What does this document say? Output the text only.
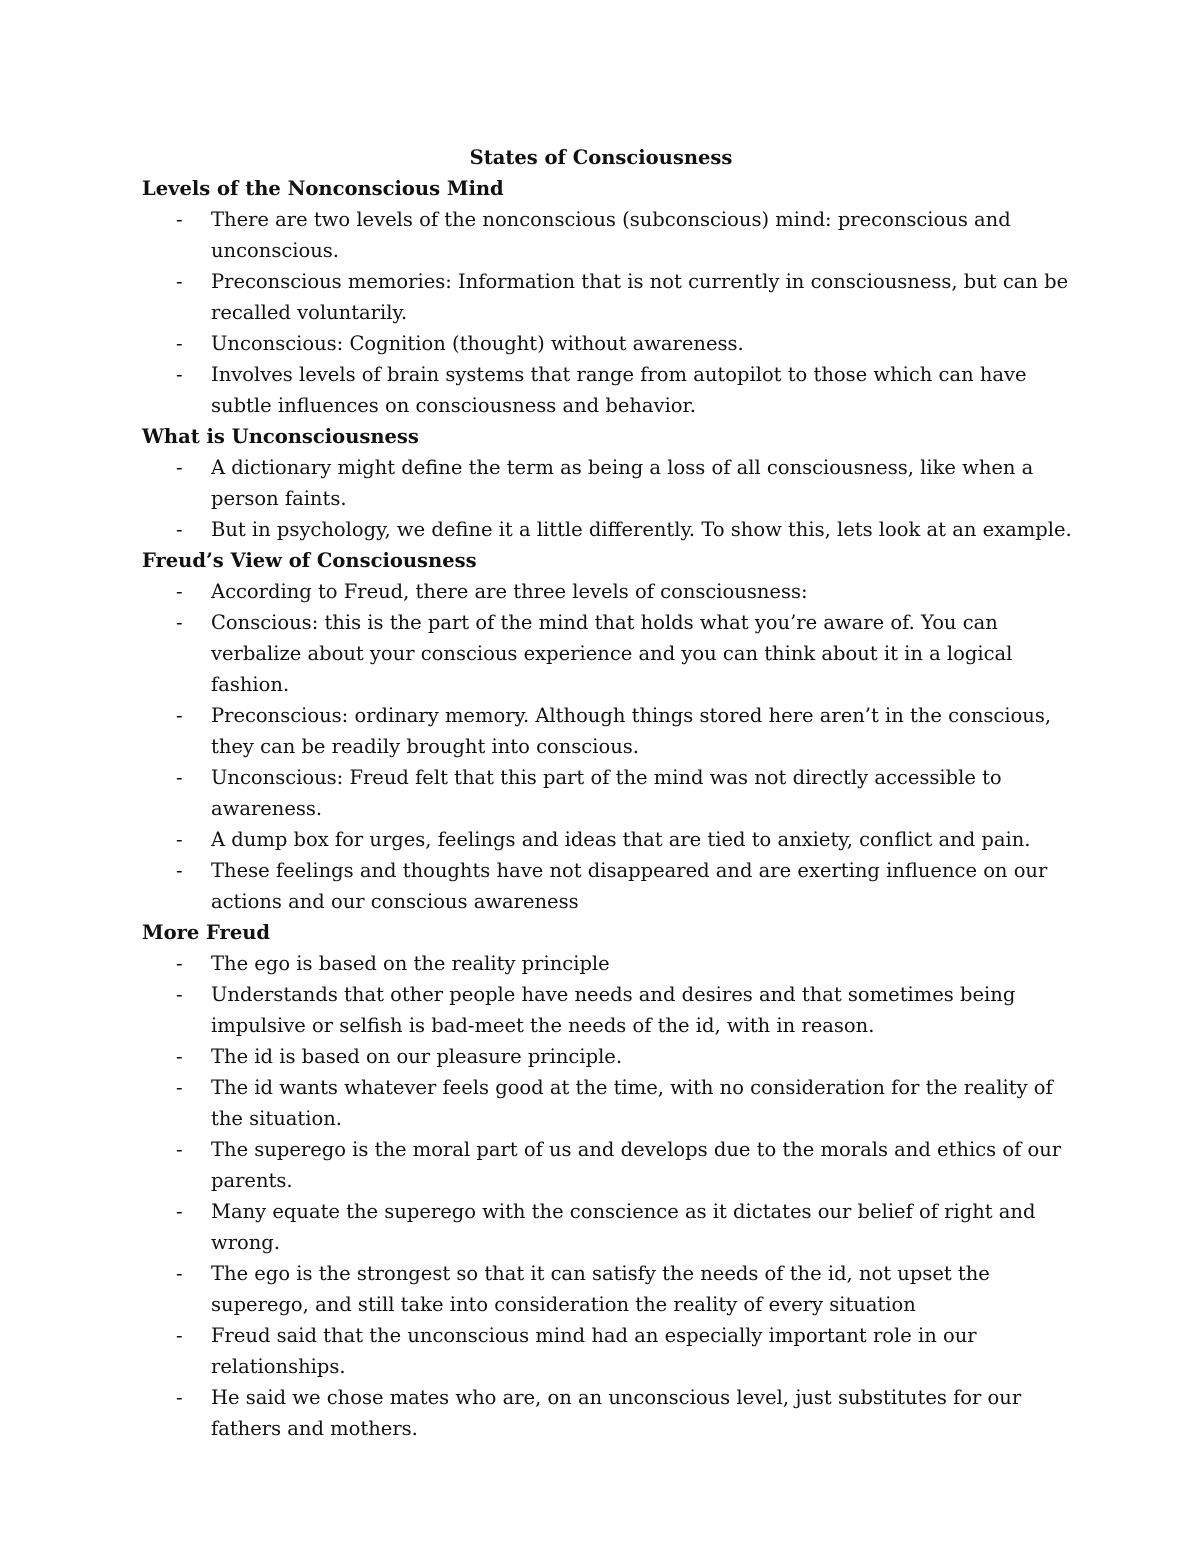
States of Consciousness
Levels of the Nonconscious Mind
- There are two levels of the nonconscious (subconscious) mind: preconscious and unconscious.
- Preconscious memories: Information that is not currently in consciousness, but can be recalled voluntarily.
- Unconscious: Cognition (thought) without awareness.
- Involves levels of brain systems that range from autopilot to those which can have subtle influences on consciousness and behavior.
What is Unconsciousness
- A dictionary might define the term as being a loss of all consciousness, like when a person faints.
- But in psychology, we define it a little differently. To show this, lets look at an example.
Freud’s View of Consciousness
- According to Freud, there are three levels of consciousness:
- Conscious: this is the part of the mind that holds what you’re aware of. You can verbalize about your conscious experience and you can think about it in a logical fashion.
- Preconscious: ordinary memory. Although things stored here aren’t in the conscious, they can be readily brought into conscious.
- Unconscious: Freud felt that this part of the mind was not directly accessible to awareness.
- A dump box for urges, feelings and ideas that are tied to anxiety, conflict and pain.
- These feelings and thoughts have not disappeared and are exerting influence on our actions and our conscious awareness
More Freud
- The ego is based on the reality principle
- Understands that other people have needs and desires and that sometimes being impulsive or selfish is bad-meet the needs of the id, with in reason.
- The id is based on our pleasure principle.
- The id wants whatever feels good at the time, with no consideration for the reality of the situation.
- The superego is the moral part of us and develops due to the morals and ethics of our parents.
- Many equate the superego with the conscience as it dictates our belief of right and wrong.
- The ego is the strongest so that it can satisfy the needs of the id, not upset the superego, and still take into consideration the reality of every situation
- Freud said that the unconscious mind had an especially important role in our relationships.
- He said we chose mates who are, on an unconscious level, just substitutes for our fathers and mothers.
